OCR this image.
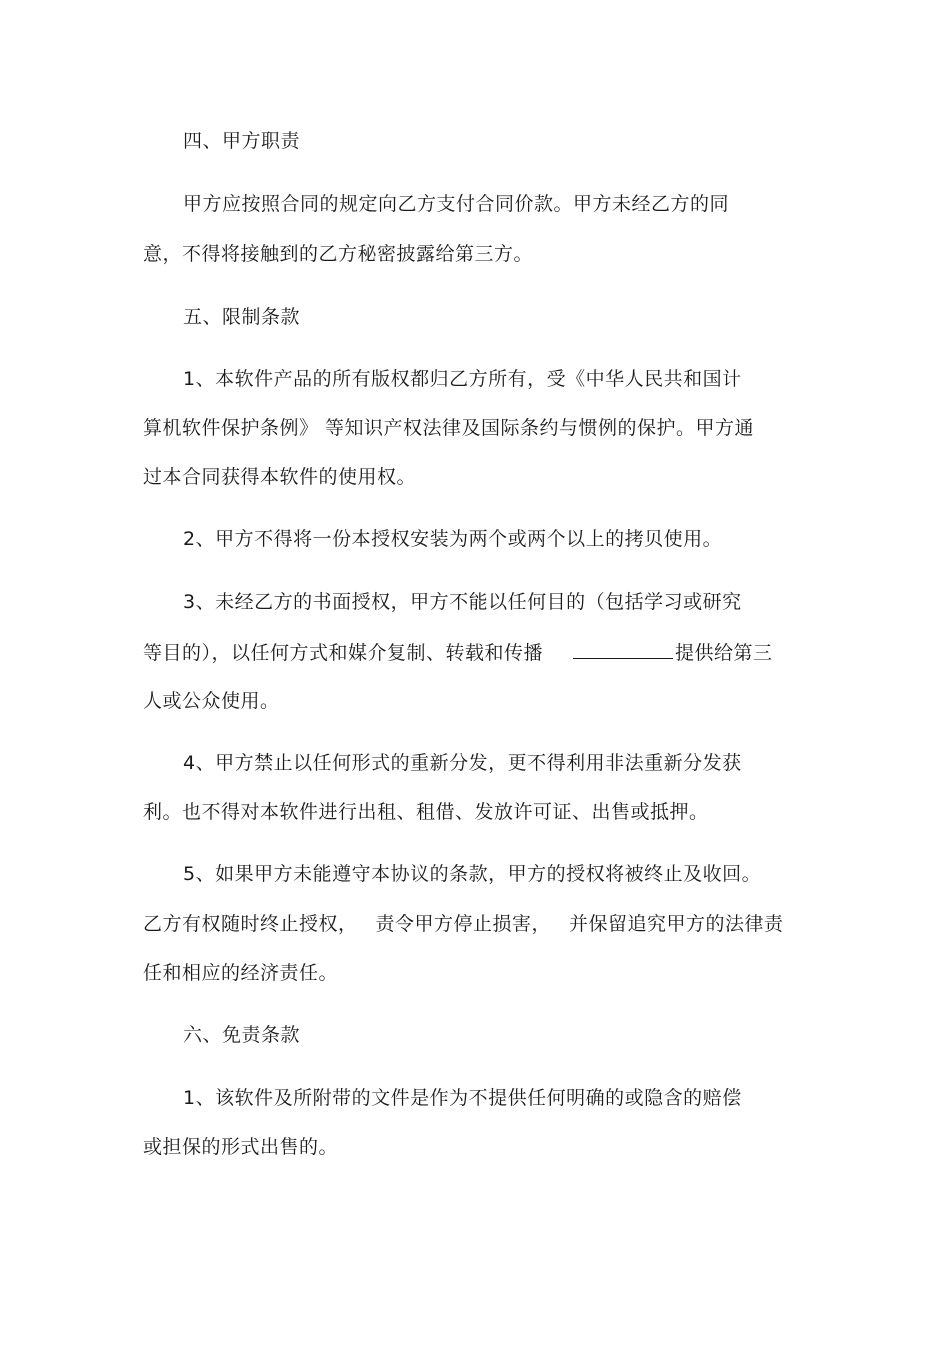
四、甲方职责
甲方应按照合同的规定向乙方支付合同价款。甲方未经乙方的同
意，不得将接触到的乙方秘密披露给第三方。
五、限制条款
1、本软件产品的所有版权都归乙方所有，受《中华人民共和国计
算机软件保护条例》 等知识产权法律及国际条约与惯例的保护。甲方通
过本合同获得本软件的使用权。
2、甲方不得将一份本授权安装为两个或两个以上的拷贝使用。
3、未经乙方的书面授权，甲方不能以任何目的（包括学习或研究
等目的），以任何方式和媒介复制、转载和传播	提供给第三
人或公众使用。
4、甲方禁止以任何形式的重新分发，更不得利用非法重新分发获
利。也不得对本软件进行出租、租借、发放许可证、出售或抵押。
5、如果甲方未能遵守本协议的条款，甲方的授权将被终止及收回。
乙方有权随时终止授权， 责令甲方停止损害， 并保留追究甲方的法律责
任和相应的经济责任。
六、免责条款
1、该软件及所附带的文件是作为不提供任何明确的或隐含的赔偿
或担保的形式出售的。
